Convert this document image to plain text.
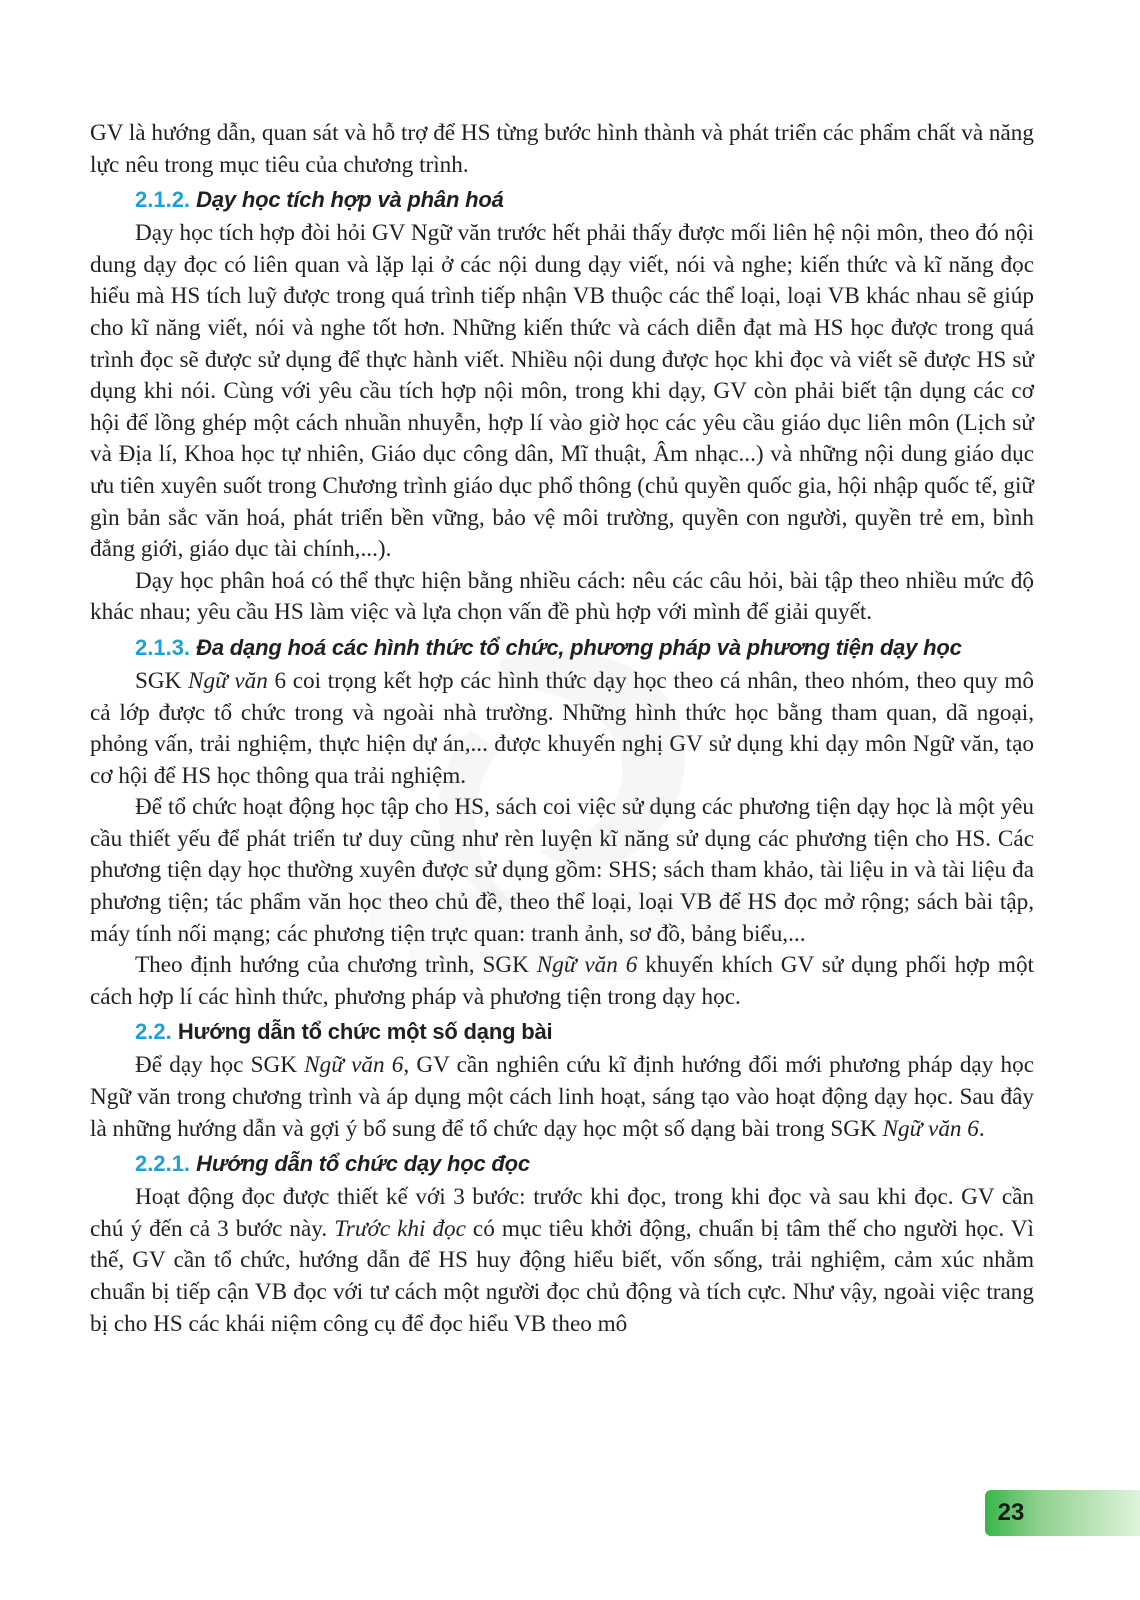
GV là hướng dẫn, quan sát và hỗ trợ để HS từng bước hình thành và phát triển các phẩm chất và năng lực nêu trong mục tiêu của chương trình.

2.1.2. Dạy học tích hợp và phân hoá

Dạy học tích hợp đòi hỏi GV Ngữ văn trước hết phải thấy được mối liên hệ nội môn, theo đó nội dung dạy đọc có liên quan và lặp lại ở các nội dung dạy viết, nói và nghe; kiến thức và kĩ năng đọc hiểu mà HS tích luỹ được trong quá trình tiếp nhận VB thuộc các thể loại, loại VB khác nhau sẽ giúp cho kĩ năng viết, nói và nghe tốt hơn. Những kiến thức và cách diễn đạt mà HS học được trong quá trình đọc sẽ được sử dụng để thực hành viết. Nhiều nội dung được học khi đọc và viết sẽ được HS sử dụng khi nói. Cùng với yêu cầu tích hợp nội môn, trong khi dạy, GV còn phải biết tận dụng các cơ hội để lồng ghép một cách nhuần nhuyễn, hợp lí vào giờ học các yêu cầu giáo dục liên môn (Lịch sử và Địa lí, Khoa học tự nhiên, Giáo dục công dân, Mĩ thuật, Âm nhạc...) và những nội dung giáo dục ưu tiên xuyên suốt trong Chương trình giáo dục phổ thông (chủ quyền quốc gia, hội nhập quốc tế, giữ gìn bản sắc văn hoá, phát triển bền vững, bảo vệ môi trường, quyền con người, quyền trẻ em, bình đẳng giới, giáo dục tài chính,...).

Dạy học phân hoá có thể thực hiện bằng nhiều cách: nêu các câu hỏi, bài tập theo nhiều mức độ khác nhau; yêu cầu HS làm việc và lựa chọn vấn đề phù hợp với mình để giải quyết.

2.1.3. Đa dạng hoá các hình thức tổ chức, phương pháp và phương tiện dạy học

SGK Ngữ văn 6 coi trọng kết hợp các hình thức dạy học theo cá nhân, theo nhóm, theo quy mô cả lớp được tổ chức trong và ngoài nhà trường. Những hình thức học bằng tham quan, dã ngoại, phỏng vấn, trải nghiệm, thực hiện dự án,... được khuyến nghị GV sử dụng khi dạy môn Ngữ văn, tạo cơ hội để HS học thông qua trải nghiệm.

Để tổ chức hoạt động học tập cho HS, sách coi việc sử dụng các phương tiện dạy học là một yêu cầu thiết yếu để phát triển tư duy cũng như rèn luyện kĩ năng sử dụng các phương tiện cho HS. Các phương tiện dạy học thường xuyên được sử dụng gồm: SHS; sách tham khảo, tài liệu in và tài liệu đa phương tiện; tác phẩm văn học theo chủ đề, theo thể loại, loại VB để HS đọc mở rộng; sách bài tập, máy tính nối mạng; các phương tiện trực quan: tranh ảnh, sơ đồ, bảng biểu,...

Theo định hướng của chương trình, SGK Ngữ văn 6 khuyến khích GV sử dụng phối hợp một cách hợp lí các hình thức, phương pháp và phương tiện trong dạy học.

2.2. Hướng dẫn tổ chức một số dạng bài

Để dạy học SGK Ngữ văn 6, GV cần nghiên cứu kĩ định hướng đổi mới phương pháp dạy học Ngữ văn trong chương trình và áp dụng một cách linh hoạt, sáng tạo vào hoạt động dạy học. Sau đây là những hướng dẫn và gợi ý bổ sung để tổ chức dạy học một số dạng bài trong SGK Ngữ văn 6.

2.2.1. Hướng dẫn tổ chức dạy học đọc

Hoạt động đọc được thiết kế với 3 bước: trước khi đọc, trong khi đọc và sau khi đọc. GV cần chú ý đến cả 3 bước này. Trước khi đọc có mục tiêu khởi động, chuẩn bị tâm thế cho người học. Vì thế, GV cần tổ chức, hướng dẫn để HS huy động hiểu biết, vốn sống, trải nghiệm, cảm xúc nhằm chuẩn bị tiếp cận VB đọc với tư cách một người đọc chủ động và tích cực. Như vậy, ngoài việc trang bị cho HS các khái niệm công cụ để đọc hiểu VB theo mô

23
